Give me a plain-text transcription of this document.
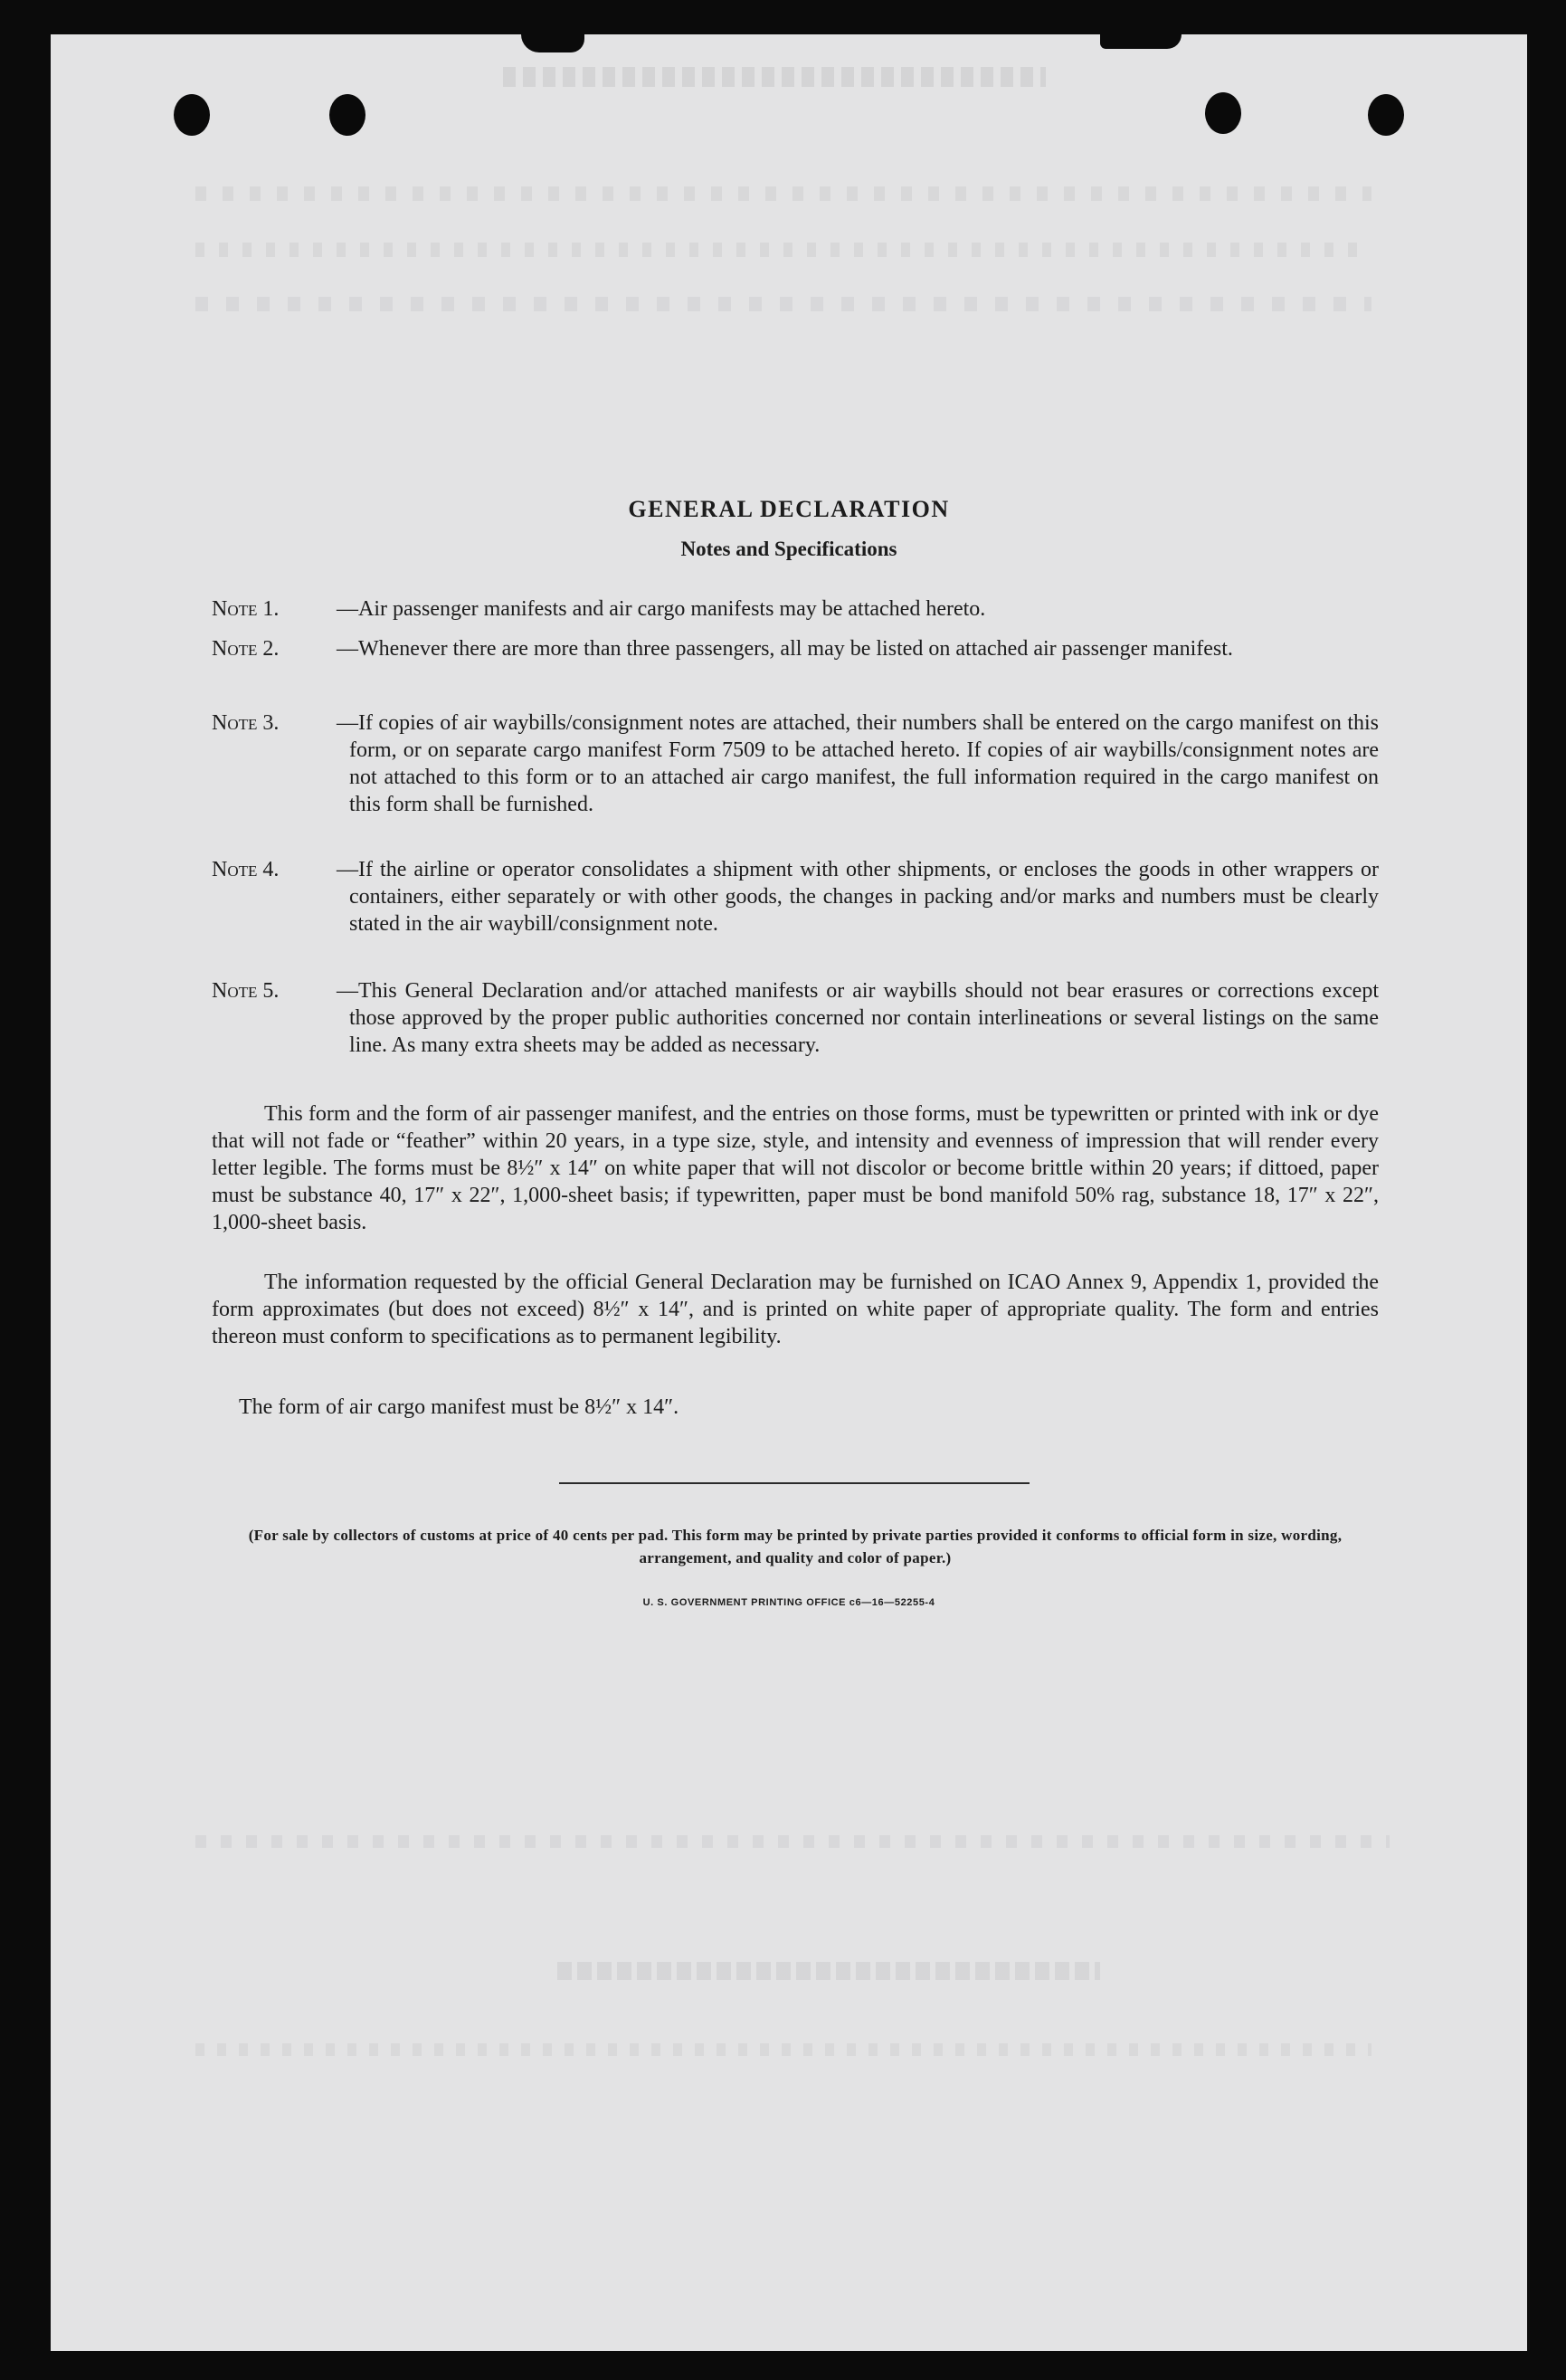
GENERAL DECLARATION
Notes and Specifications
Note 1.	—Air passenger manifests and air cargo manifests may be attached hereto.
Note 2.	—Whenever there are more than three passengers, all may be listed on attached air passenger manifest.
Note 3.	—If copies of air waybills/consignment notes are attached, their numbers shall be entered on the cargo manifest on this form, or on separate cargo manifest Form 7509 to be attached hereto. If copies of air waybills/consignment notes are not attached to this form or to an attached air cargo manifest, the full information required in the cargo manifest on this form shall be furnished.
Note 4.	—If the airline or operator consolidates a shipment with other shipments, or encloses the goods in other wrappers or containers, either separately or with other goods, the changes in packing and/or marks and numbers must be clearly stated in the air waybill/consignment note.
Note 5.	—This General Declaration and/or attached manifests or air waybills should not bear erasures or corrections except those approved by the proper public authorities concerned nor contain interlineations or several listings on the same line. As many extra sheets may be added as necessary.
This form and the form of air passenger manifest, and the entries on those forms, must be typewritten or printed with ink or dye that will not fade or “feather” within 20 years, in a type size, style, and intensity and evenness of impression that will render every letter legible. The forms must be 8½″ x 14″ on white paper that will not discolor or become brittle within 20 years; if dittoed, paper must be substance 40, 17″ x 22″, 1,000-sheet basis; if typewritten, paper must be bond manifold 50% rag, substance 18, 17″ x 22″, 1,000-sheet basis.
The information requested by the official General Declaration may be furnished on ICAO Annex 9, Appendix 1, provided the form approximates (but does not exceed) 8½″ x 14″, and is printed on white paper of appropriate quality. The form and entries thereon must conform to specifications as to permanent legibility.
The form of air cargo manifest must be 8½″ x 14″.
(For sale by collectors of customs at price of 40 cents per pad. This form may be printed by private parties provided it conforms to official form in size, wording, arrangement, and quality and color of paper.)
U. S. GOVERNMENT PRINTING OFFICE c6—16—52255-4
